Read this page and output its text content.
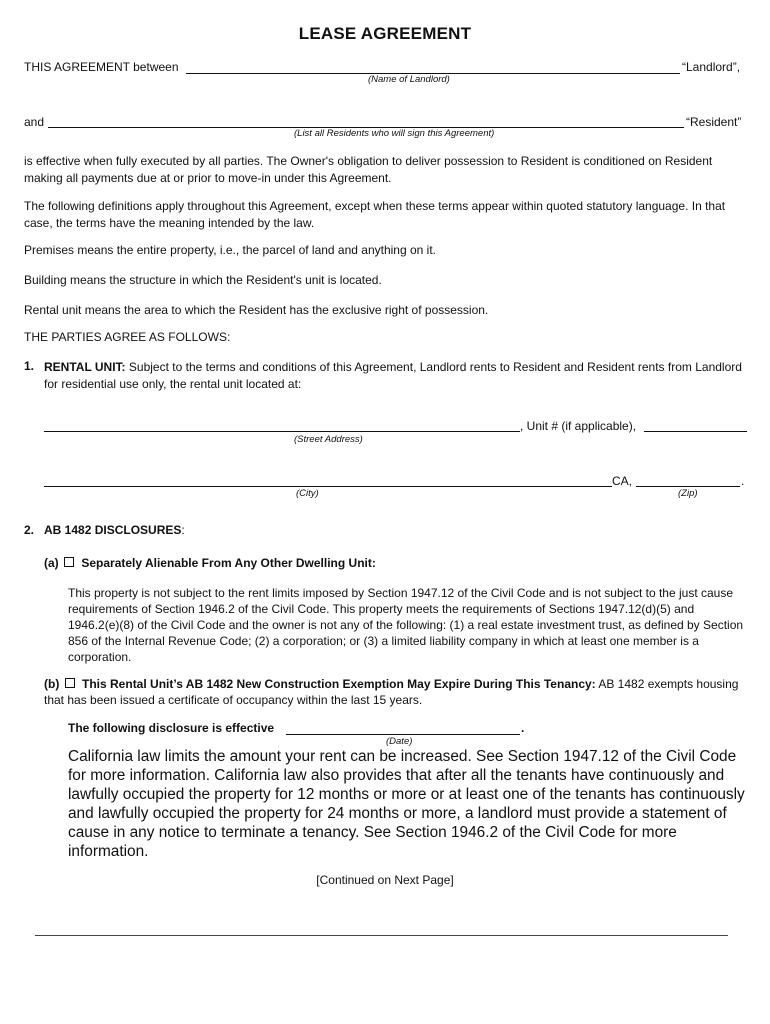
LEASE AGREEMENT
THIS AGREEMENT between	“Landlord”,
(Name of Landlord)
and	“Resident”
(List all Residents who will sign this Agreement)
is effective when fully executed by all parties. The Owner's obligation to deliver possession to Resident is conditioned on Resident making all payments due at or prior to move-in under this Agreement.
The following definitions apply throughout this Agreement, except when these terms appear within quoted statutory language. In that case, the terms have the meaning intended by the law.
Premises means the entire property, i.e., the parcel of land and anything on it.
Building means the structure in which the Resident's unit is located.
Rental unit means the area to which the Resident has the exclusive right of possession.
THE PARTIES AGREE AS FOLLOWS:
1. RENTAL UNIT: Subject to the terms and conditions of this Agreement, Landlord rents to Resident and Resident rents from Landlord for residential use only, the rental unit located at:
, Unit # (if applicable),
(Street Address)
CA,	.
(City)	(Zip)
2. AB 1482 DISCLOSURES:
(a) Separately Alienable From Any Other Dwelling Unit:
This property is not subject to the rent limits imposed by Section 1947.12 of the Civil Code and is not subject to the just cause requirements of Section 1946.2 of the Civil Code. This property meets the requirements of Sections 1947.12(d)(5) and 1946.2(e)(8) of the Civil Code and the owner is not any of the following: (1) a real estate investment trust, as defined by Section 856 of the Internal Revenue Code; (2) a corporation; or (3) a limited liability company in which at least one member is a corporation.
(b) This Rental Unit’s AB 1482 New Construction Exemption May Expire During This Tenancy: AB 1482 exempts housing that has been issued a certificate of occupancy within the last 15 years.
The following disclosure is effective	.
(Date)
California law limits the amount your rent can be increased. See Section 1947.12 of the Civil Code for more information. California law also provides that after all the tenants have continuously and lawfully occupied the property for 12 months or more or at least one of the tenants has continuously and lawfully occupied the property for 24 months or more, a landlord must provide a statement of cause in any notice to terminate a tenancy. See Section 1946.2 of the Civil Code for more information.
[Continued on Next Page]
